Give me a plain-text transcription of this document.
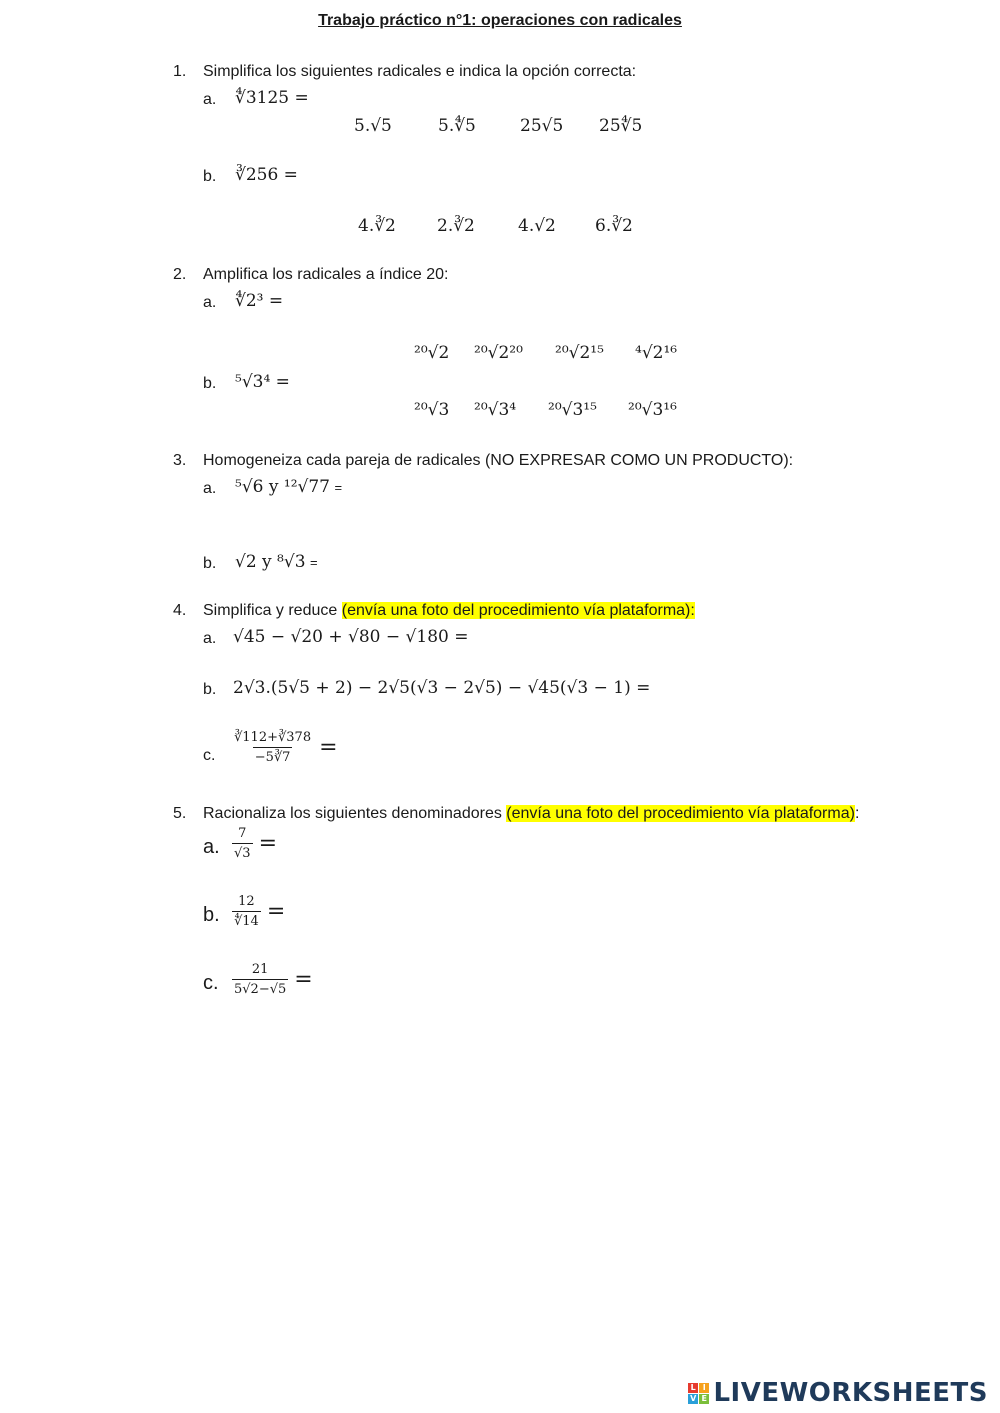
Trabajo práctico n°1: operaciones con radicales
1. Simplifica los siguientes radicales e indica la opción correcta:
a. ∜3125 =
5.√5	5.∜5	25√5 25∜5
b. ∛256 =
4.∛2 2.∛2	4.√2 6.∛2
2. Amplifica los radicales a índice 20:
a. ∜2³ =
²⁰√2 ²⁰√2²⁰ ²⁰√2¹⁵ ⁴√2¹⁶
b. ⁵√3⁴ =
²⁰√3 ²⁰√3⁴ ²⁰√3¹⁵ ²⁰√3¹⁶
3. Homogeneiza cada pareja de radicales (NO EXPRESAR COMO UN PRODUCTO):
a. ⁵√6 y ¹²√77 =
b. √2 y ⁸√3 =
4. Simplifica y reduce (envía una foto del procedimiento vía plataforma):
a. √45 − √20 + √80 − √180 =
b. 2√3.(5√5 + 2) − 2√5(√3 − 2√5) − √45(√3 − 1) =
c. $\frac{∛112+∛378}{-5∛7}$ =
5. Racionaliza los siguientes denominadores (envía una foto del procedimiento vía plataforma):
a. $\frac{7}{√3}$ =
b. $\frac{12}{∜14}$ =
c. $\frac{21}{5√2-√5}$ =
L I
V E LIVEWORKSHEETS
